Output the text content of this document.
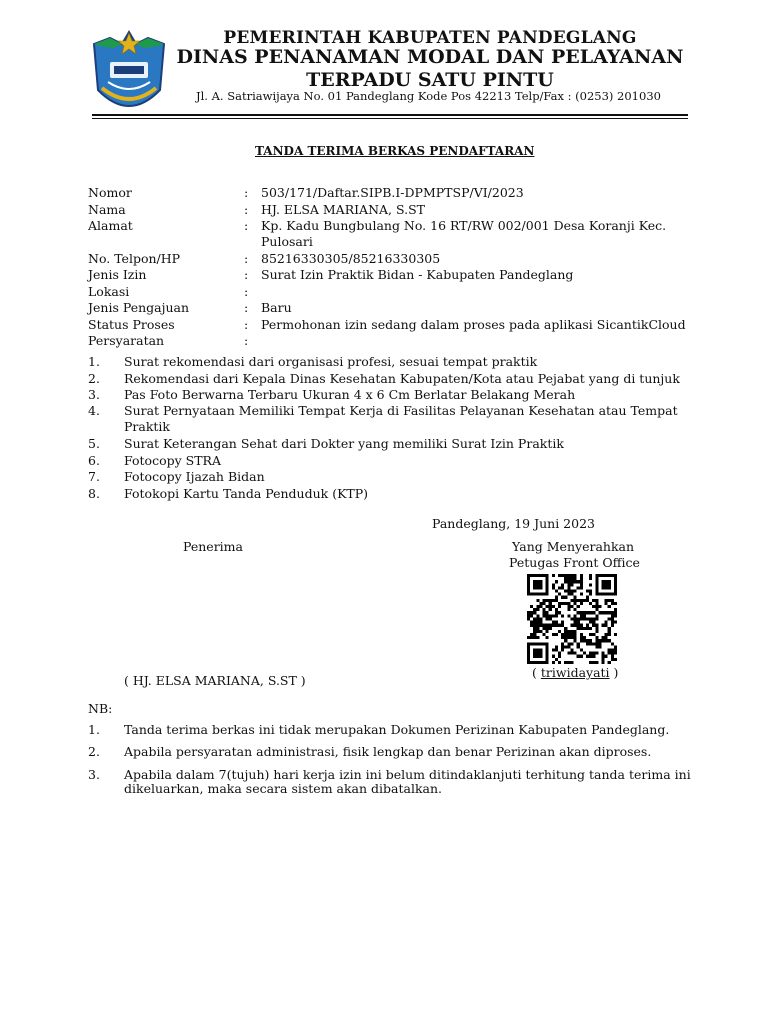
PEMERINTAH KABUPATEN PANDEGLANG
DINAS PENANAMAN MODAL DAN PELAYANAN
TERPADU SATU PINTU
Jl. A. Satriawijaya No. 01 Pandeglang Kode Pos 42213 Telp/Fax : (0253) 201030
TANDA TERIMA BERKAS PENDAFTARAN
Nomor	: 503/171/Daftar.SIPB.I-DPMPTSP/VI/2023
Nama	: HJ. ELSA MARIANA, S.ST
Alamat	: Kp. Kadu Bungbulang No. 16 RT/RW 002/001 Desa Koranji Kec.
Pulosari
No. Telpon/HP	: 85216330305/85216330305
Jenis Izin	: Surat Izin Praktik Bidan - Kabupaten Pandeglang
Lokasi	:
Jenis Pengajuan	: Baru
Status Proses	: Permohonan izin sedang dalam proses pada aplikasi SicantikCloud
Persyaratan	:
1. Surat rekomendasi dari organisasi profesi, sesuai tempat praktik
2. Rekomendasi dari Kepala Dinas Kesehatan Kabupaten/Kota atau Pejabat yang di tunjuk
3. Pas Foto Berwarna Terbaru Ukuran 4 x 6 Cm Berlatar Belakang Merah
4. Surat Pernyataan Memiliki Tempat Kerja di Fasilitas Pelayanan Kesehatan atau Tempat
Praktik
5. Surat Keterangan Sehat dari Dokter yang memiliki Surat Izin Praktik
6. Fotocopy STRA
7. Fotocopy Ijazah Bidan
8. Fotokopi Kartu Tanda Penduduk (KTP)
Pandeglang, 19 Juni 2023
Penerima	Yang Menyerahkan
Petugas Front Office
( HJ. ELSA MARIANA, S.ST )
( triwidayati )
NB:
1. Tanda terima berkas ini tidak merupakan Dokumen Perizinan Kabupaten Pandeglang.
2. Apabila persyaratan administrasi, fisik lengkap dan benar Perizinan akan diproses.
3. Apabila dalam 7(tujuh) hari kerja izin ini belum ditindaklanjuti terhitung tanda terima ini
dikeluarkan, maka secara sistem akan dibatalkan.
